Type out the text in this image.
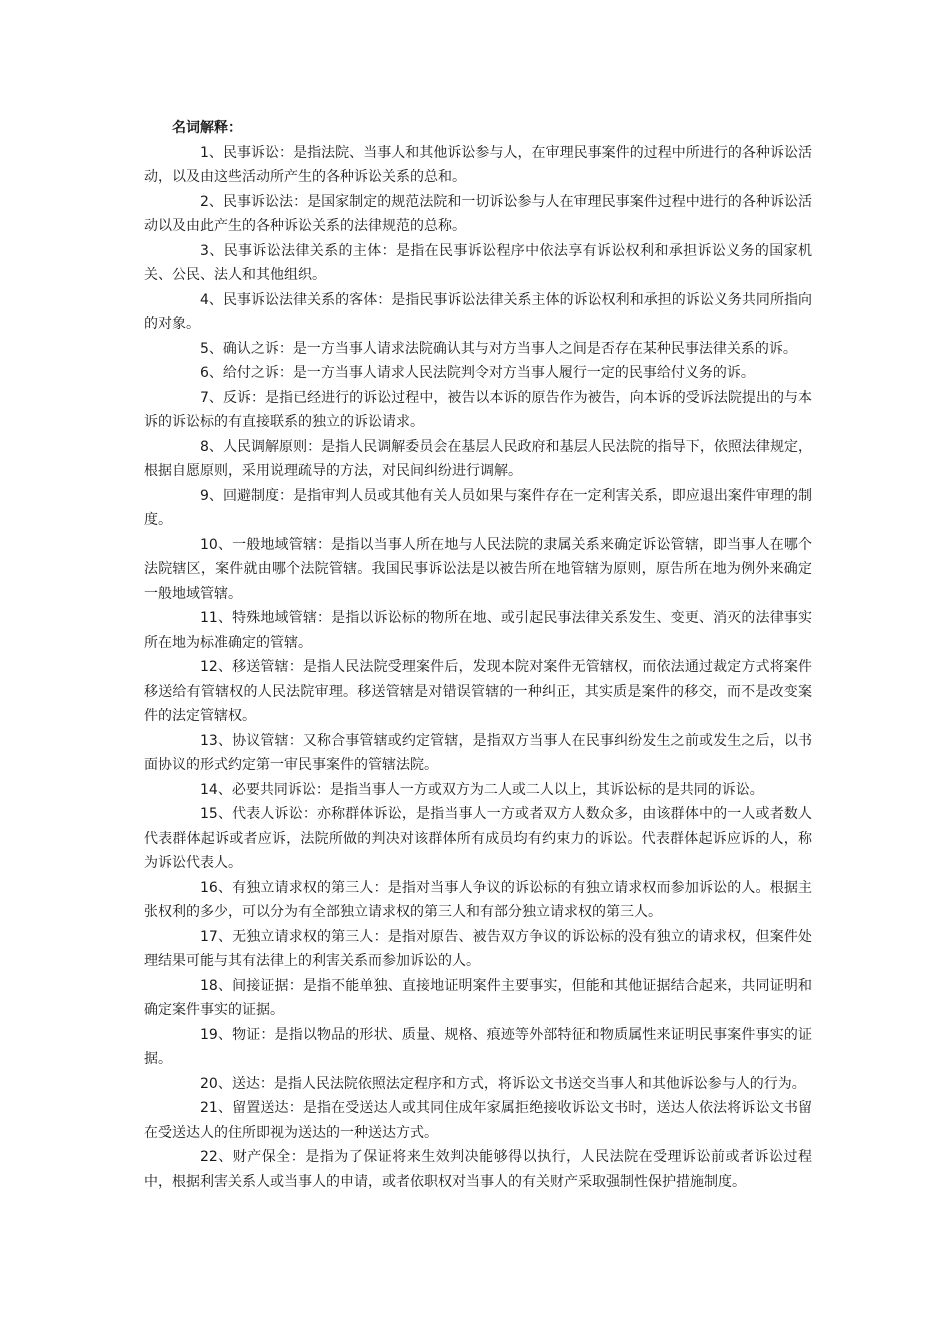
名词解释：

1、民事诉讼：是指法院、当事人和其他诉讼参与人，在审理民事案件的过程中所进行的各种诉讼活动，以及由这些活动所产生的各种诉讼关系的总和。

2、民事诉讼法：是国家制定的规范法院和一切诉讼参与人在审理民事案件过程中进行的各种诉讼活动以及由此产生的各种诉讼关系的法律规范的总称。

3、民事诉讼法律关系的主体：是指在民事诉讼程序中依法享有诉讼权利和承担诉讼义务的国家机关、公民、法人和其他组织。

4、民事诉讼法律关系的客体：是指民事诉讼法律关系主体的诉讼权利和承担的诉讼义务共同所指向的对象。

5、确认之诉：是一方当事人请求法院确认其与对方当事人之间是否存在某种民事法律关系的诉。

6、给付之诉：是一方当事人请求人民法院判令对方当事人履行一定的民事给付义务的诉。

7、反诉：是指已经进行的诉讼过程中，被告以本诉的原告作为被告，向本诉的受诉法院提出的与本诉的诉讼标的有直接联系的独立的诉讼请求。

8、人民调解原则：是指人民调解委员会在基层人民政府和基层人民法院的指导下，依照法律规定，根据自愿原则，采用说理疏导的方法，对民间纠纷进行调解。

9、回避制度：是指审判人员或其他有关人员如果与案件存在一定利害关系，即应退出案件审理的制度。

10、一般地域管辖：是指以当事人所在地与人民法院的隶属关系来确定诉讼管辖，即当事人在哪个法院辖区，案件就由哪个法院管辖。我国民事诉讼法是以被告所在地管辖为原则，原告所在地为例外来确定一般地域管辖。

11、特殊地域管辖：是指以诉讼标的物所在地、或引起民事法律关系发生、变更、消灭的法律事实所在地为标准确定的管辖。

12、移送管辖：是指人民法院受理案件后，发现本院对案件无管辖权，而依法通过裁定方式将案件移送给有管辖权的人民法院审理。移送管辖是对错误管辖的一种纠正，其实质是案件的移交，而不是改变案件的法定管辖权。

13、协议管辖：又称合事管辖或约定管辖，是指双方当事人在民事纠纷发生之前或发生之后，以书面协议的形式约定第一审民事案件的管辖法院。

14、必要共同诉讼：是指当事人一方或双方为二人或二人以上，其诉讼标的是共同的诉讼。

15、代表人诉讼：亦称群体诉讼，是指当事人一方或者双方人数众多，由该群体中的一人或者数人代表群体起诉或者应诉，法院所做的判决对该群体所有成员均有约束力的诉讼。代表群体起诉应诉的人，称为诉讼代表人。

16、有独立请求权的第三人：是指对当事人争议的诉讼标的有独立请求权而参加诉讼的人。根据主张权利的多少，可以分为有全部独立请求权的第三人和有部分独立请求权的第三人。

17、无独立请求权的第三人：是指对原告、被告双方争议的诉讼标的没有独立的请求权，但案件处理结果可能与其有法律上的利害关系而参加诉讼的人。

18、间接证据：是指不能单独、直接地证明案件主要事实，但能和其他证据结合起来，共同证明和确定案件事实的证据。

19、物证：是指以物品的形状、质量、规格、痕迹等外部特征和物质属性来证明民事案件事实的证据。

20、送达：是指人民法院依照法定程序和方式，将诉讼文书送交当事人和其他诉讼参与人的行为。

21、留置送达：是指在受送达人或其同住成年家属拒绝接收诉讼文书时，送达人依法将诉讼文书留在受送达人的住所即视为送达的一种送达方式。

22、财产保全：是指为了保证将来生效判决能够得以执行，人民法院在受理诉讼前或者诉讼过程中，根据利害关系人或当事人的申请，或者依职权对当事人的有关财产采取强制性保护措施制度。
